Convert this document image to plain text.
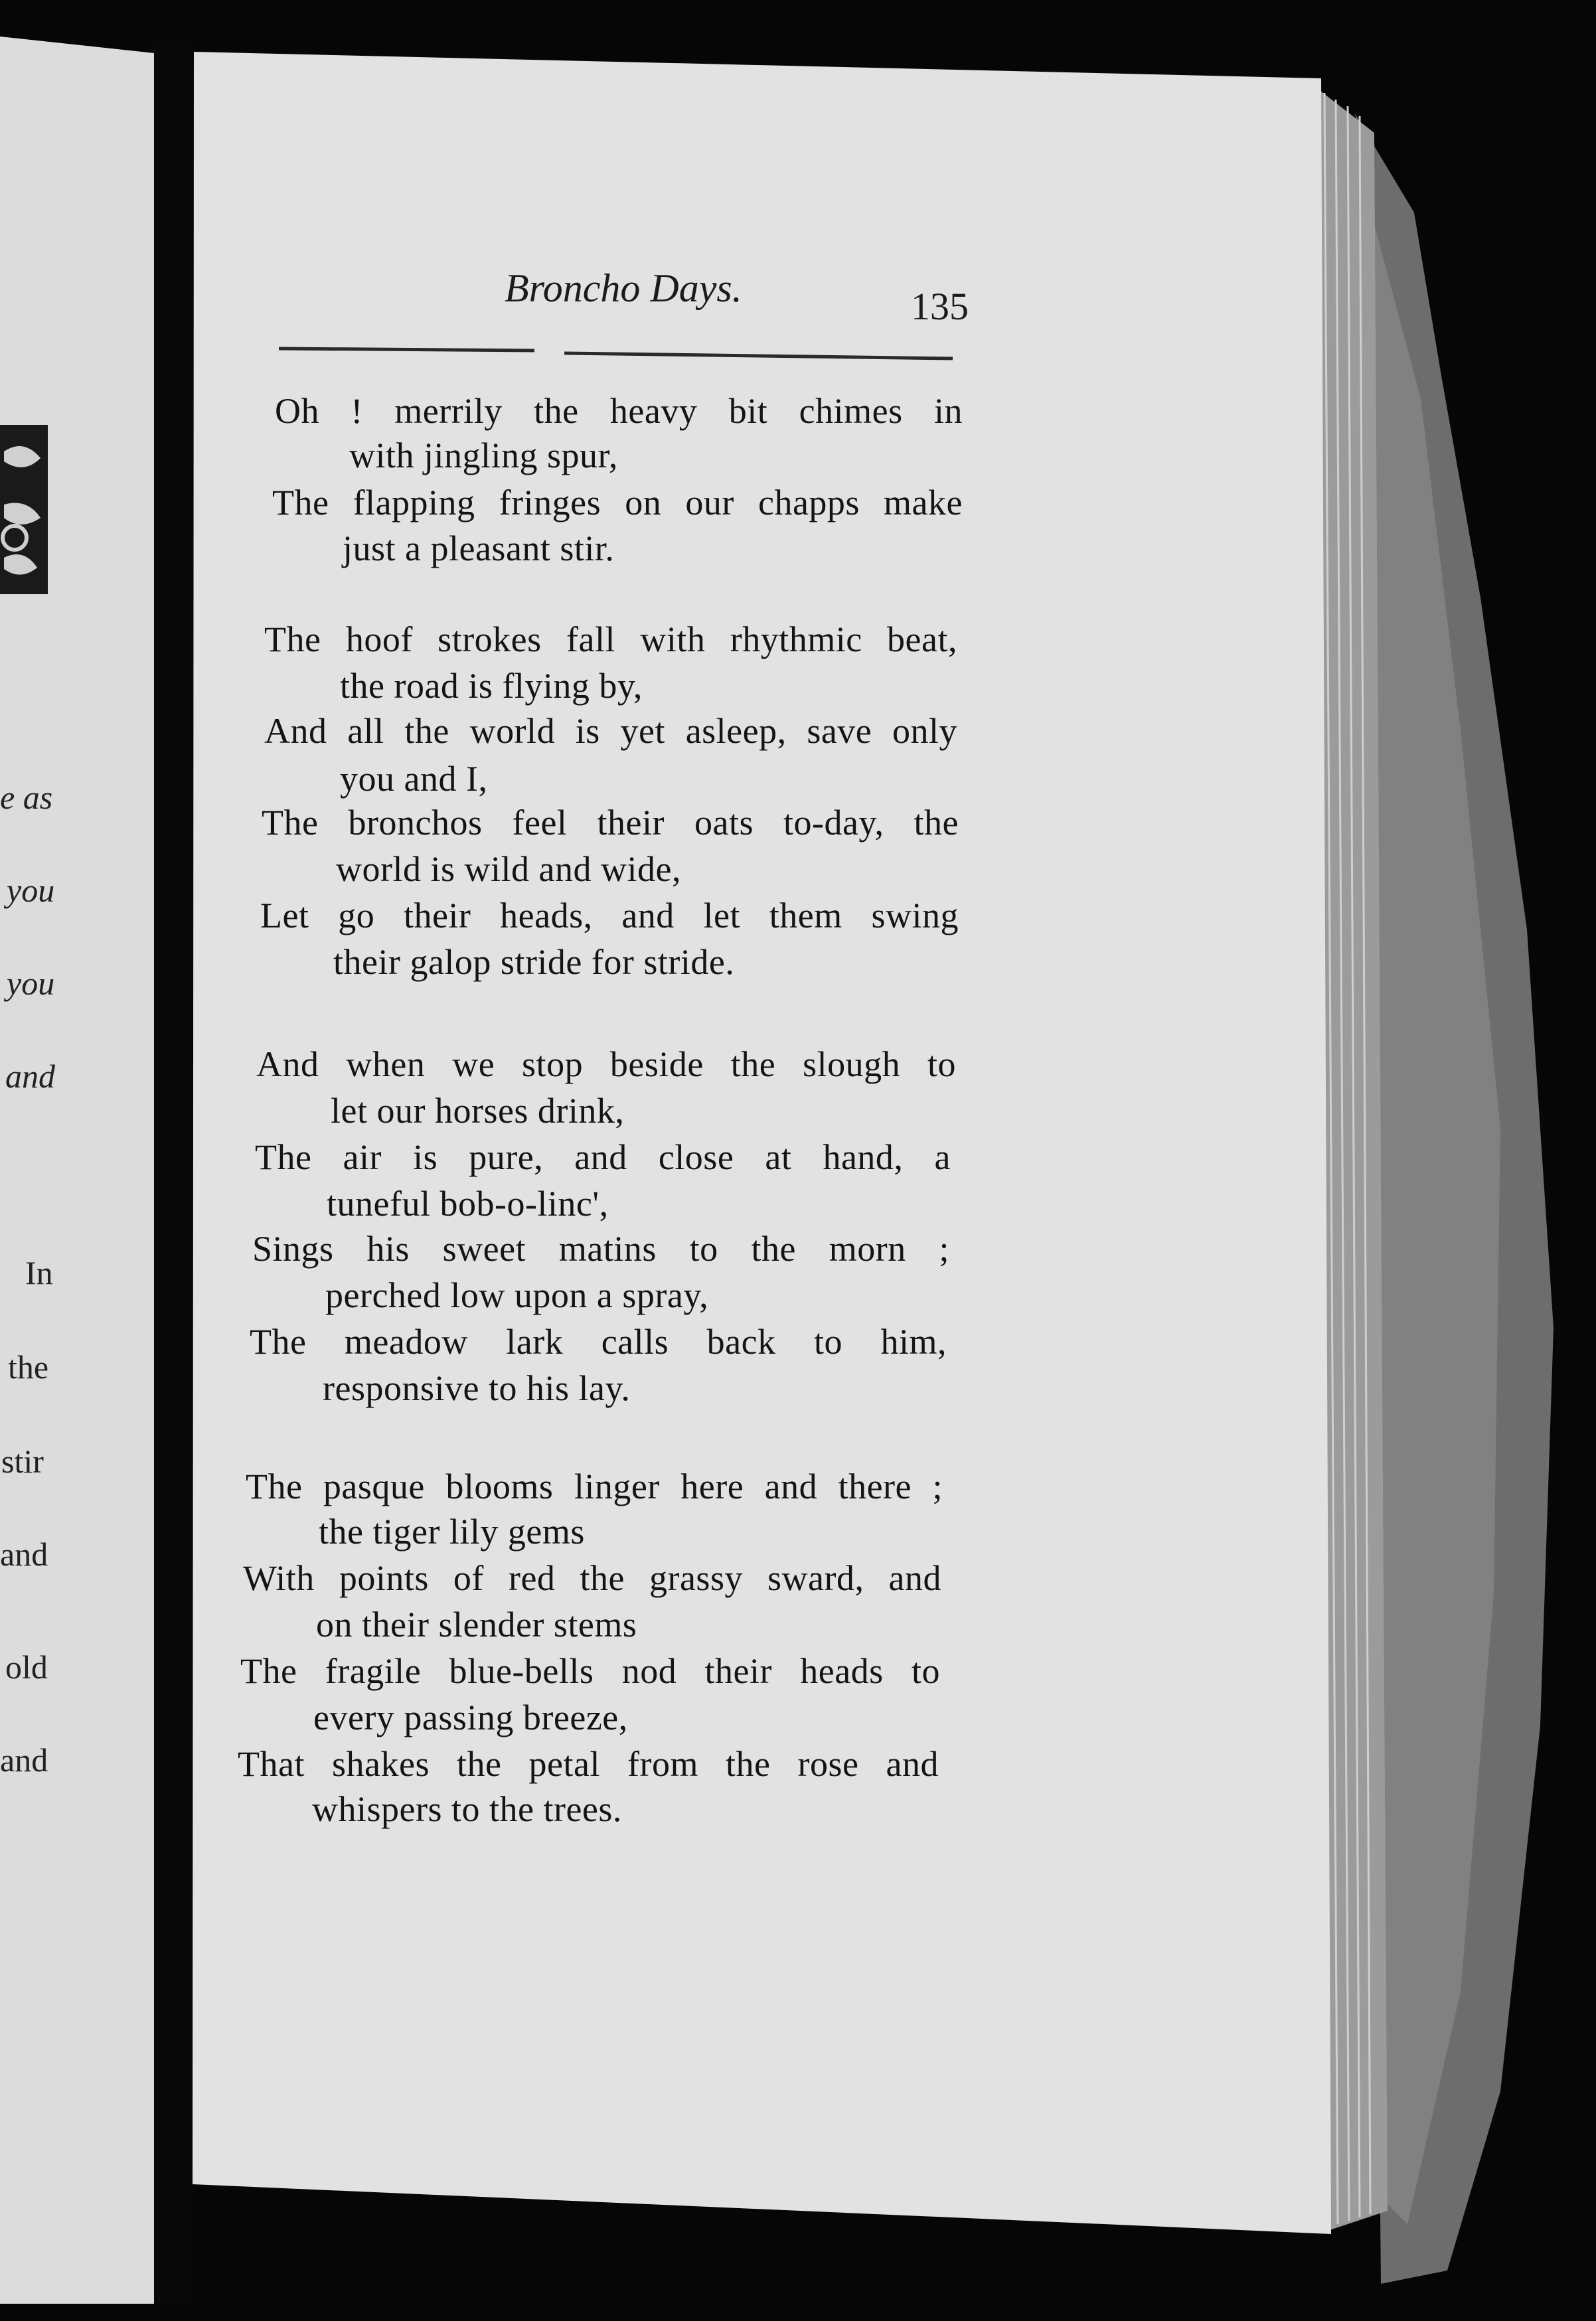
e as
you
you
and
In
the
stir
and
old
and
Broncho Days.	135
Oh ! merrily the heavy bit chimes in
with jingling spur,
The flapping fringes on our chapps make
just a pleasant stir.
The hoof strokes fall with rhythmic beat,
the road is flying by,
And all the world is yet asleep, save only
you and I,
The bronchos feel their oats to-day, the
world is wild and wide,
Let go their heads, and let them swing
their galop stride for stride.
And when we stop beside the slough to
let our horses drink,
The air is pure, and close at hand, a
tuneful bob-o-linc',
Sings his sweet matins to the morn ;
perched low upon a spray,
The meadow lark calls back to him,
responsive to his lay.
The pasque blooms linger here and there ;
the tiger lily gems
With points of red the grassy sward, and
on their slender stems
The fragile blue-bells nod their heads to
every passing breeze,
That shakes the petal from the rose and
whispers to the trees.
